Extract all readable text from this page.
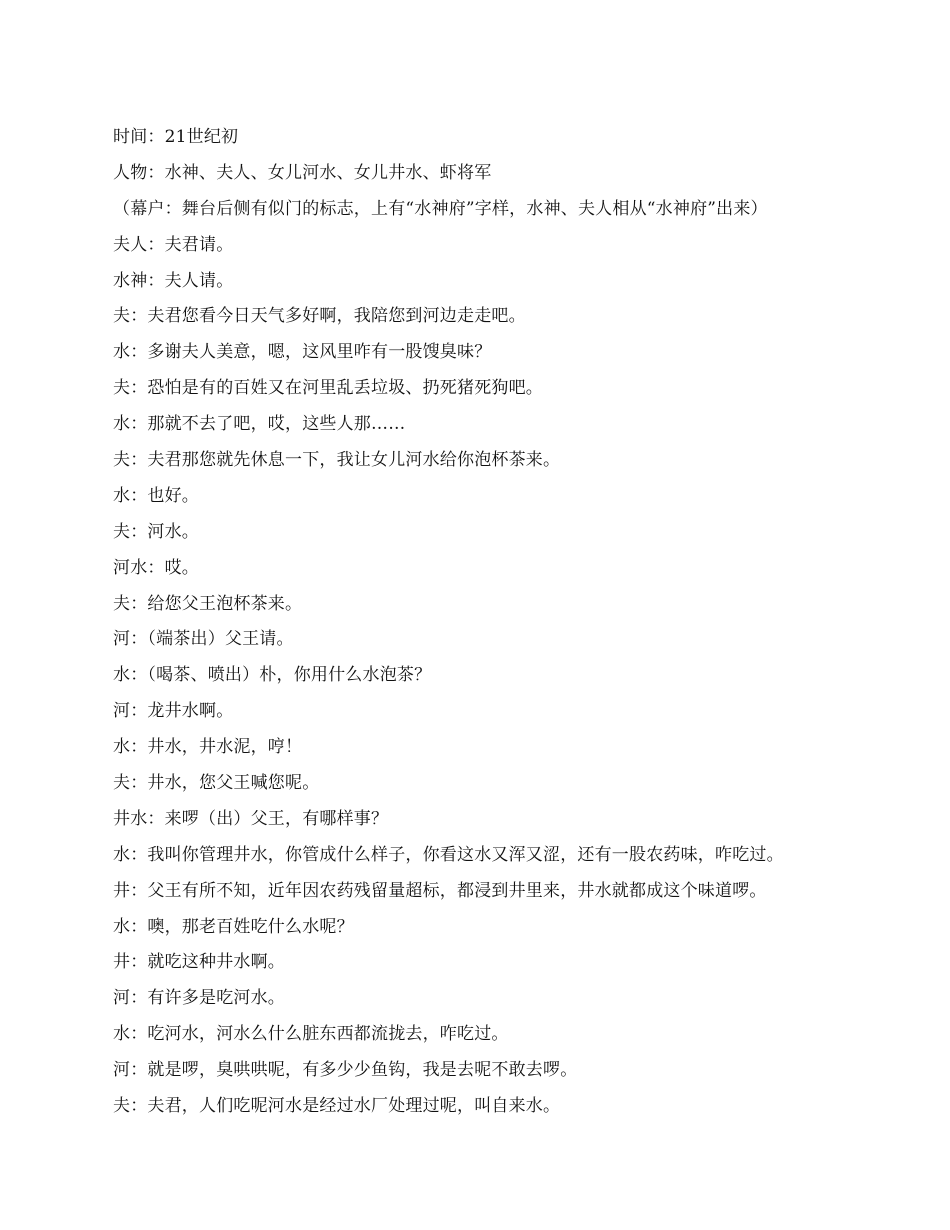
时间：21世纪初
人物：水神、夫人、女儿河水、女儿井水、虾将军
（幕户：舞台后侧有似门的标志，上有“水神府”字样，水神、夫人相从“水神府”出来）
夫人：夫君请。
水神：夫人请。
夫：夫君您看今日天气多好啊，我陪您到河边走走吧。
水：多谢夫人美意，嗯，这风里咋有一股馊臭味？
夫：恐怕是有的百姓又在河里乱丢垃圾、扔死猪死狗吧。
水：那就不去了吧，哎，这些人那……
夫：夫君那您就先休息一下，我让女儿河水给你泡杯茶来。
水：也好。
夫：河水。
河水：哎。
夫：给您父王泡杯茶来。
河：（端茶出）父王请。
水：（喝茶、喷出）朴，你用什么水泡茶？
河：龙井水啊。
水：井水，井水泥，哼！
夫：井水，您父王喊您呢。
井水：来啰（出）父王，有哪样事？
水：我叫你管理井水，你管成什么样子，你看这水又浑又涩，还有一股农药味，咋吃过。
井：父王有所不知，近年因农药残留量超标，都浸到井里来，井水就都成这个味道啰。
水：噢，那老百姓吃什么水呢？
井：就吃这种井水啊。
河：有许多是吃河水。
水：吃河水，河水么什么脏东西都流拢去，咋吃过。
河：就是啰，臭哄哄呢，有多少少鱼钩，我是去呢不敢去啰。
夫：夫君，人们吃呢河水是经过水厂处理过呢，叫自来水。
